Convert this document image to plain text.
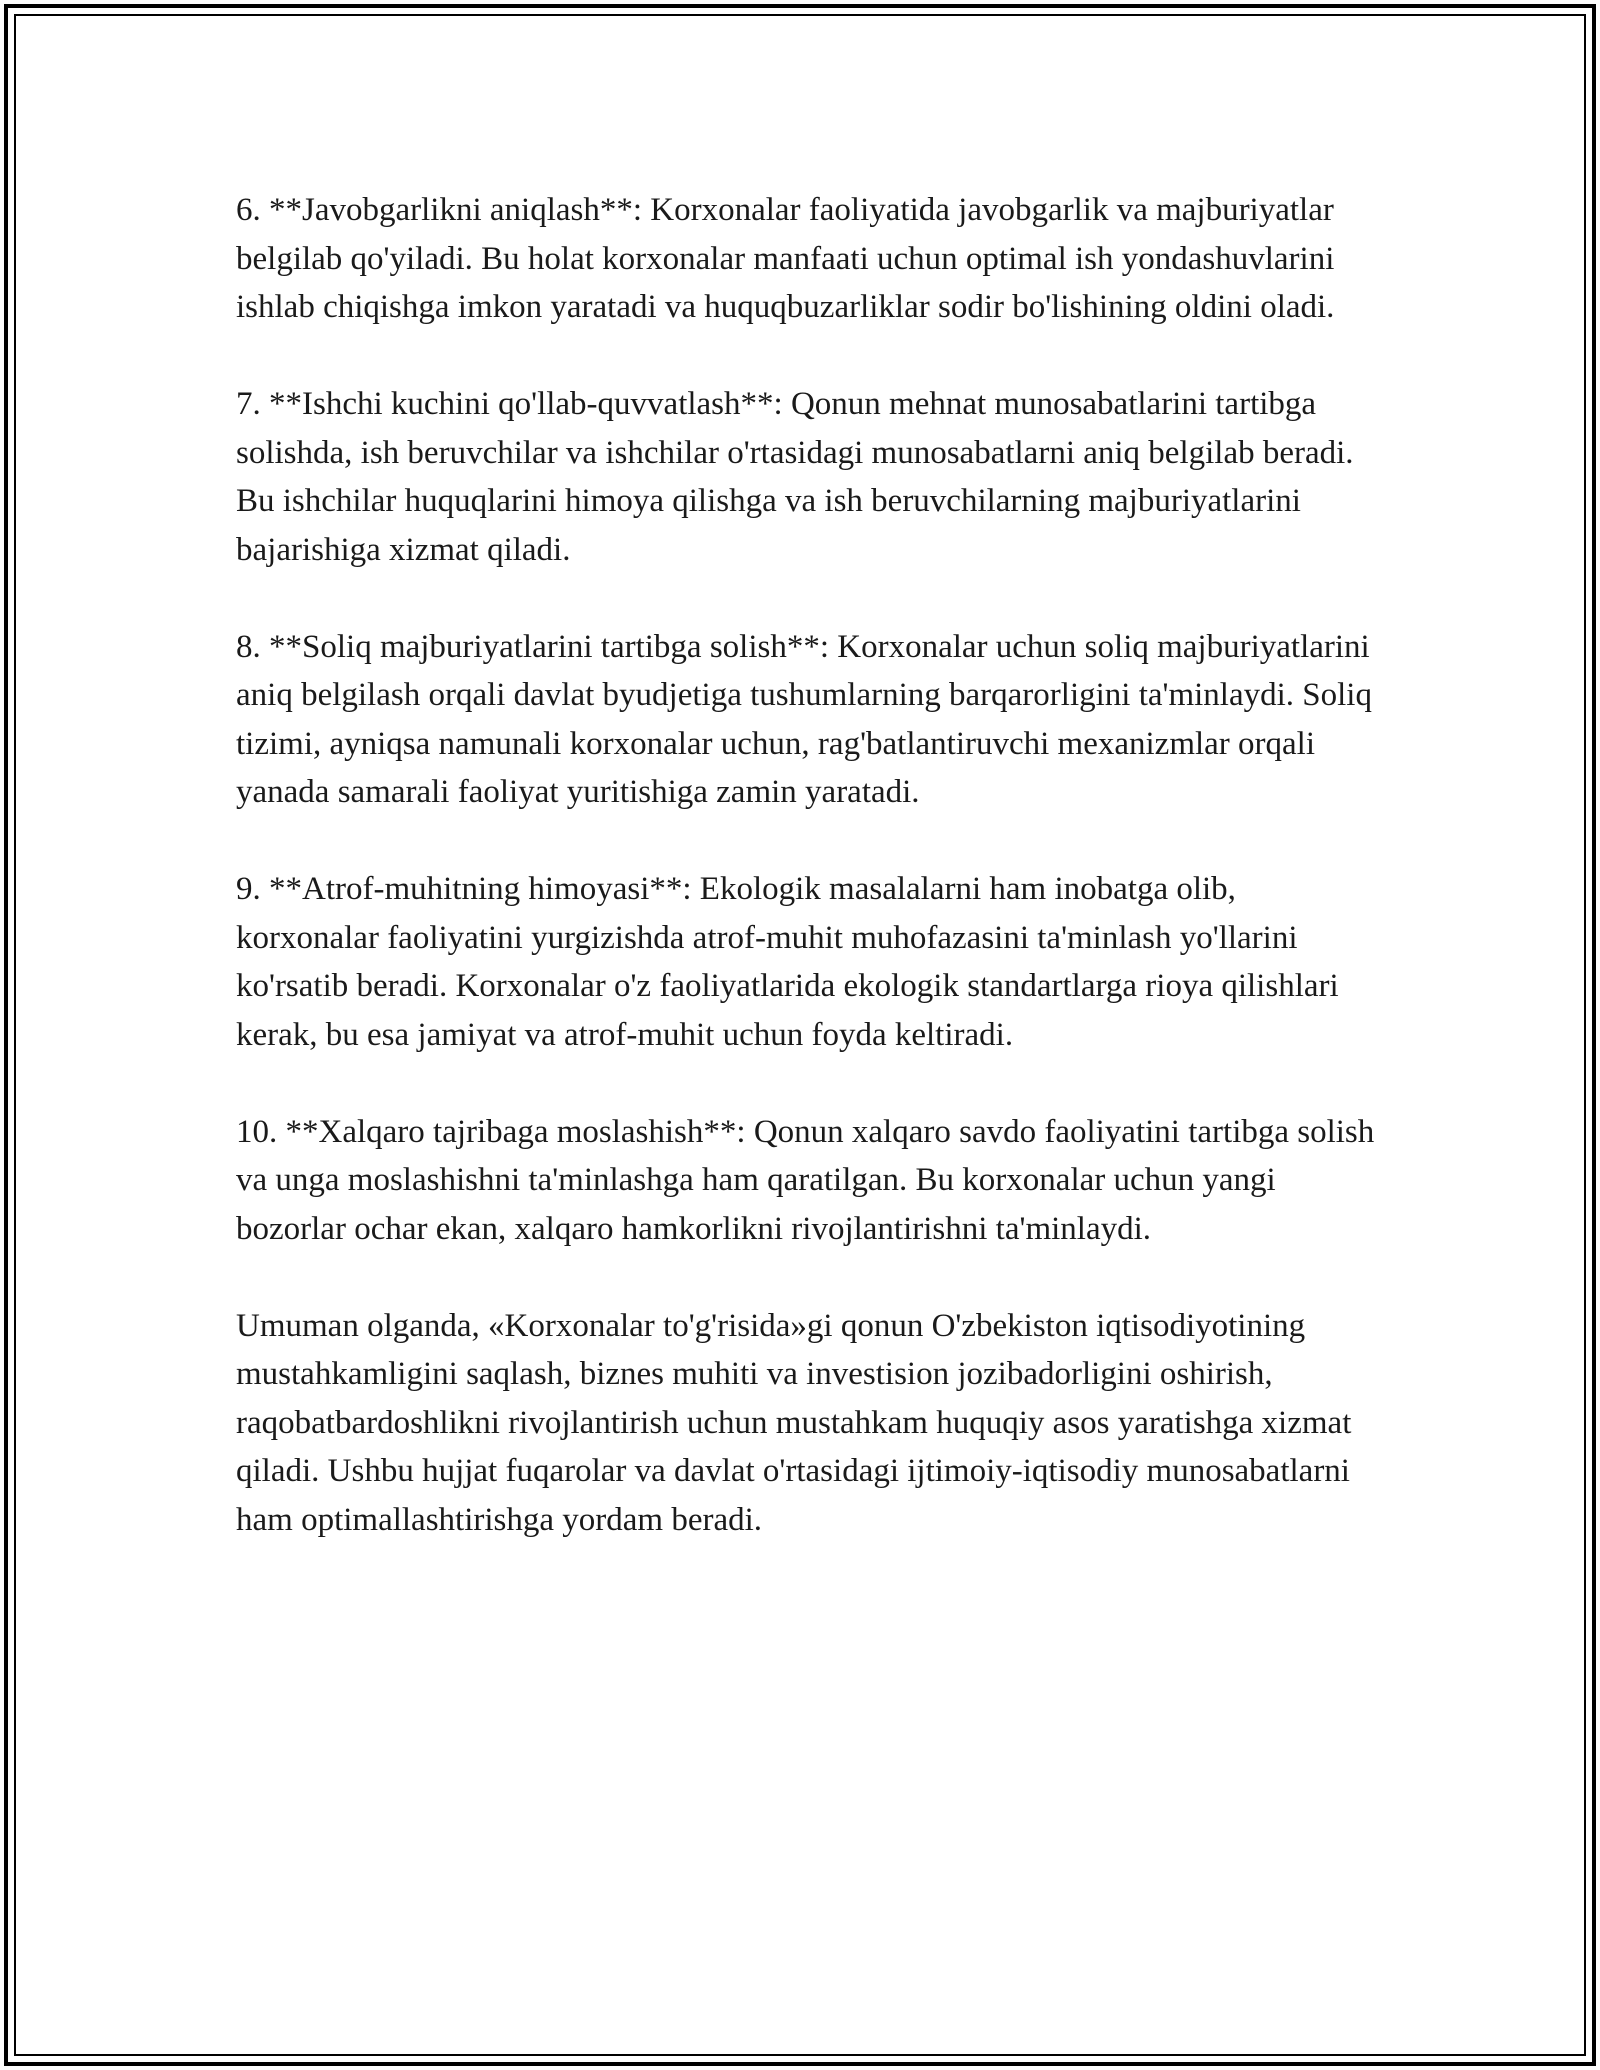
6. **Javobgarlikni aniqlash**: Korxonalar faoliyatida javobgarlik va majburiyatlar belgilab qo'yiladi. Bu holat korxonalar manfaati uchun optimal ish yondashuvlarini ishlab chiqishga imkon yaratadi va huquqbuzarliklar sodir bo'lishining oldini oladi.

7. **Ishchi kuchini qo'llab-quvvatlash**: Qonun mehnat munosabatlarini tartibga solishda, ish beruvchilar va ishchilar o'rtasidagi munosabatlarni aniq belgilab beradi. Bu ishchilar huquqlarini himoya qilishga va ish beruvchilarning majburiyatlarini bajarishiga xizmat qiladi.

8. **Soliq majburiyatlarini tartibga solish**: Korxonalar uchun soliq majburiyatlarini aniq belgilash orqali davlat byudjetiga tushumlarning barqarorligini ta'minlaydi. Soliq tizimi, ayniqsa namunali korxonalar uchun, rag'batlantiruvchi mexanizmlar orqali yanada samarali faoliyat yuritishiga zamin yaratadi.

9. **Atrof-muhitning himoyasi**: Ekologik masalalarni ham inobatga olib, korxonalar faoliyatini yurgizishda atrof-muhit muhofazasini ta'minlash yo'llarini ko'rsatib beradi. Korxonalar o'z faoliyatlarida ekologik standartlarga rioya qilishlari kerak, bu esa jamiyat va atrof-muhit uchun foyda keltiradi.

10. **Xalqaro tajribaga moslashish**: Qonun xalqaro savdo faoliyatini tartibga solish va unga moslashishni ta'minlashga ham qaratilgan. Bu korxonalar uchun yangi bozorlar ochar ekan, xalqaro hamkorlikni rivojlantirishni ta'minlaydi.

Umuman olganda, «Korxonalar to'g'risida»gi qonun O'zbekiston iqtisodiyotining mustahkamligini saqlash, biznes muhiti va investision jozibadorligini oshirish, raqobatbardoshlikni rivojlantirish uchun mustahkam huquqiy asos yaratishga xizmat qiladi. Ushbu hujjat fuqarolar va davlat o'rtasidagi ijtimoiy-iqtisodiy munosabatlarni ham optimallashtirishga yordam beradi.
